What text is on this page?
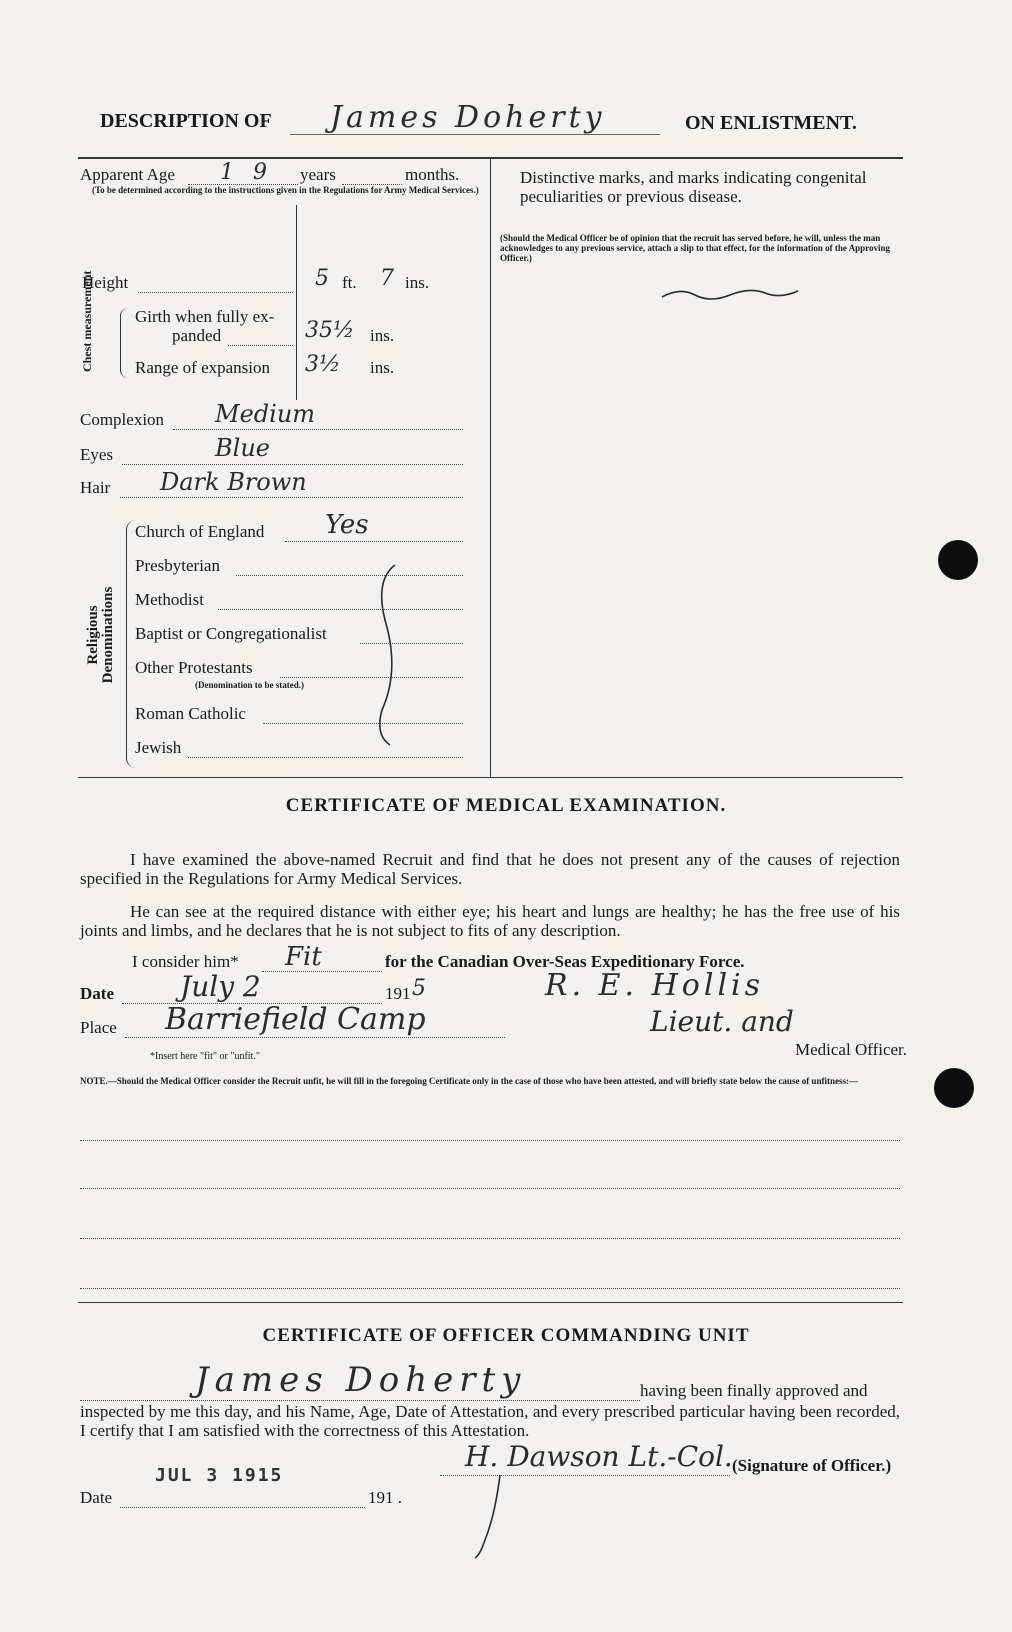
DESCRIPTION OF James Doherty	ON ENLISTMENT.
Apparent Age 1 9 years	months.
(To be determined according to the instructions given in the Regulations for Army Medical Services.)
Height	5 ft. 7 ins.
Chest measurement Girth when fully ex-
panded	35½ ins.
Range of expansion 3½ ins.
Complexion Medium
Eyes	Blue
Hair Dark Brown
Religious Denominations
Church of England Yes
Presbyterian
Methodist
Baptist or Congregationalist
Other Protestants
(Denomination to be stated.)
Roman Catholic
Jewish
Distinctive marks, and marks indicating congenital peculiarities or previous disease.
(Should the Medical Officer be of opinion that the recruit has served before, he will, unless the man acknowledges to any previous service, attach a slip to that effect, for the information of the Approving Officer.)
CERTIFICATE OF MEDICAL EXAMINATION.
I have examined the above-named Recruit and find that he does not present any of the causes of rejection specified in the Regulations for Army Medical Services.
He can see at the required distance with either eye; his heart and lungs are healthy; he has the free use of his joints and limbs, and he declares that he is not subject to fits of any description.
I consider him* Fit	for the Canadian Over-Seas Expeditionary Force.
Date July 2	191 5	R. E. Hollis
Place Barriefield Camp	Lieut. and
Medical Officer.
*Insert here "fit" or "unfit."
NOTE.—Should the Medical Officer consider the Recruit unfit, he will fill in the foregoing Certificate only in the case of those who have been attested, and will briefly state below the cause of unfitness:—
CERTIFICATE OF OFFICER COMMANDING UNIT
James Doherty	having been finally approved and
inspected by me this day, and his Name, Age, Date of Attestation, and every prescribed particular having been recorded, I certify that I am satisfied with the correctness of this Attestation.
H. Dawson Lt.-Col. (Signature of Officer.)
JUL 3 1915
Date	191 .
